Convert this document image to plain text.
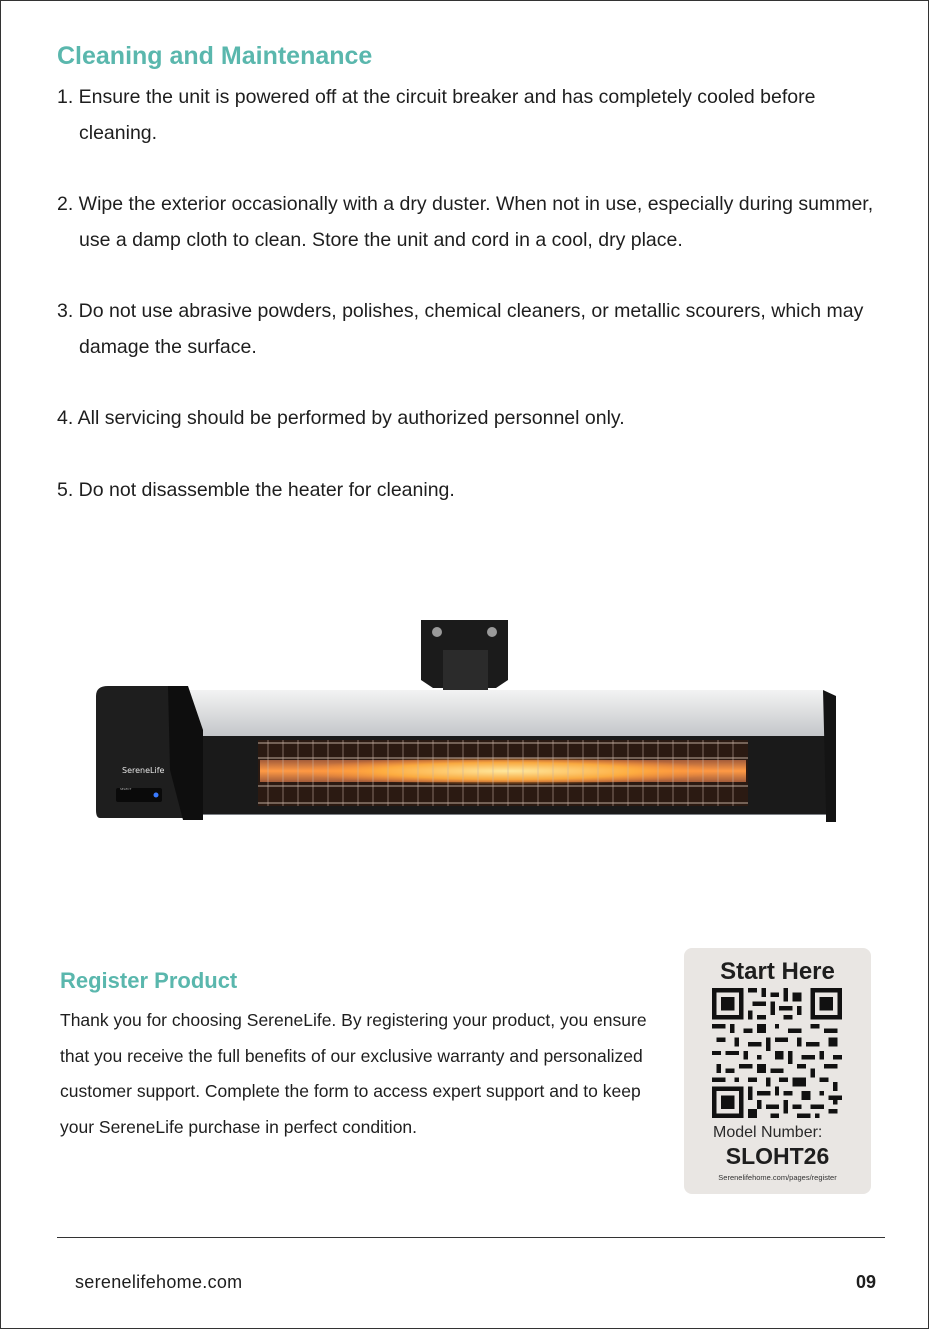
Cleaning and Maintenance
1. Ensure the unit is powered off at the circuit breaker and has completely cooled before cleaning.
2. Wipe the exterior occasionally with a dry duster. When not in use, especially during summer, use a damp cloth to clean. Store the unit and cord in a cool, dry place.
3. Do not use abrasive powders, polishes, chemical cleaners, or metallic scourers, which may damage the surface.
4. All servicing should be performed by authorized personnel only.
5. Do not disassemble the heater for cleaning.
SereneLife
SELECT
Register Product

Thank you for choosing SereneLife. By registering your product, you ensure that you receive the full benefits of our exclusive warranty and personalized customer support. Complete the form to access expert support and to keep your SereneLife purchase in perfect condition.

Start Here
Model Number:
SLOHT26
Serenelifehome.com/pages/register
serenelifehome.com	09
